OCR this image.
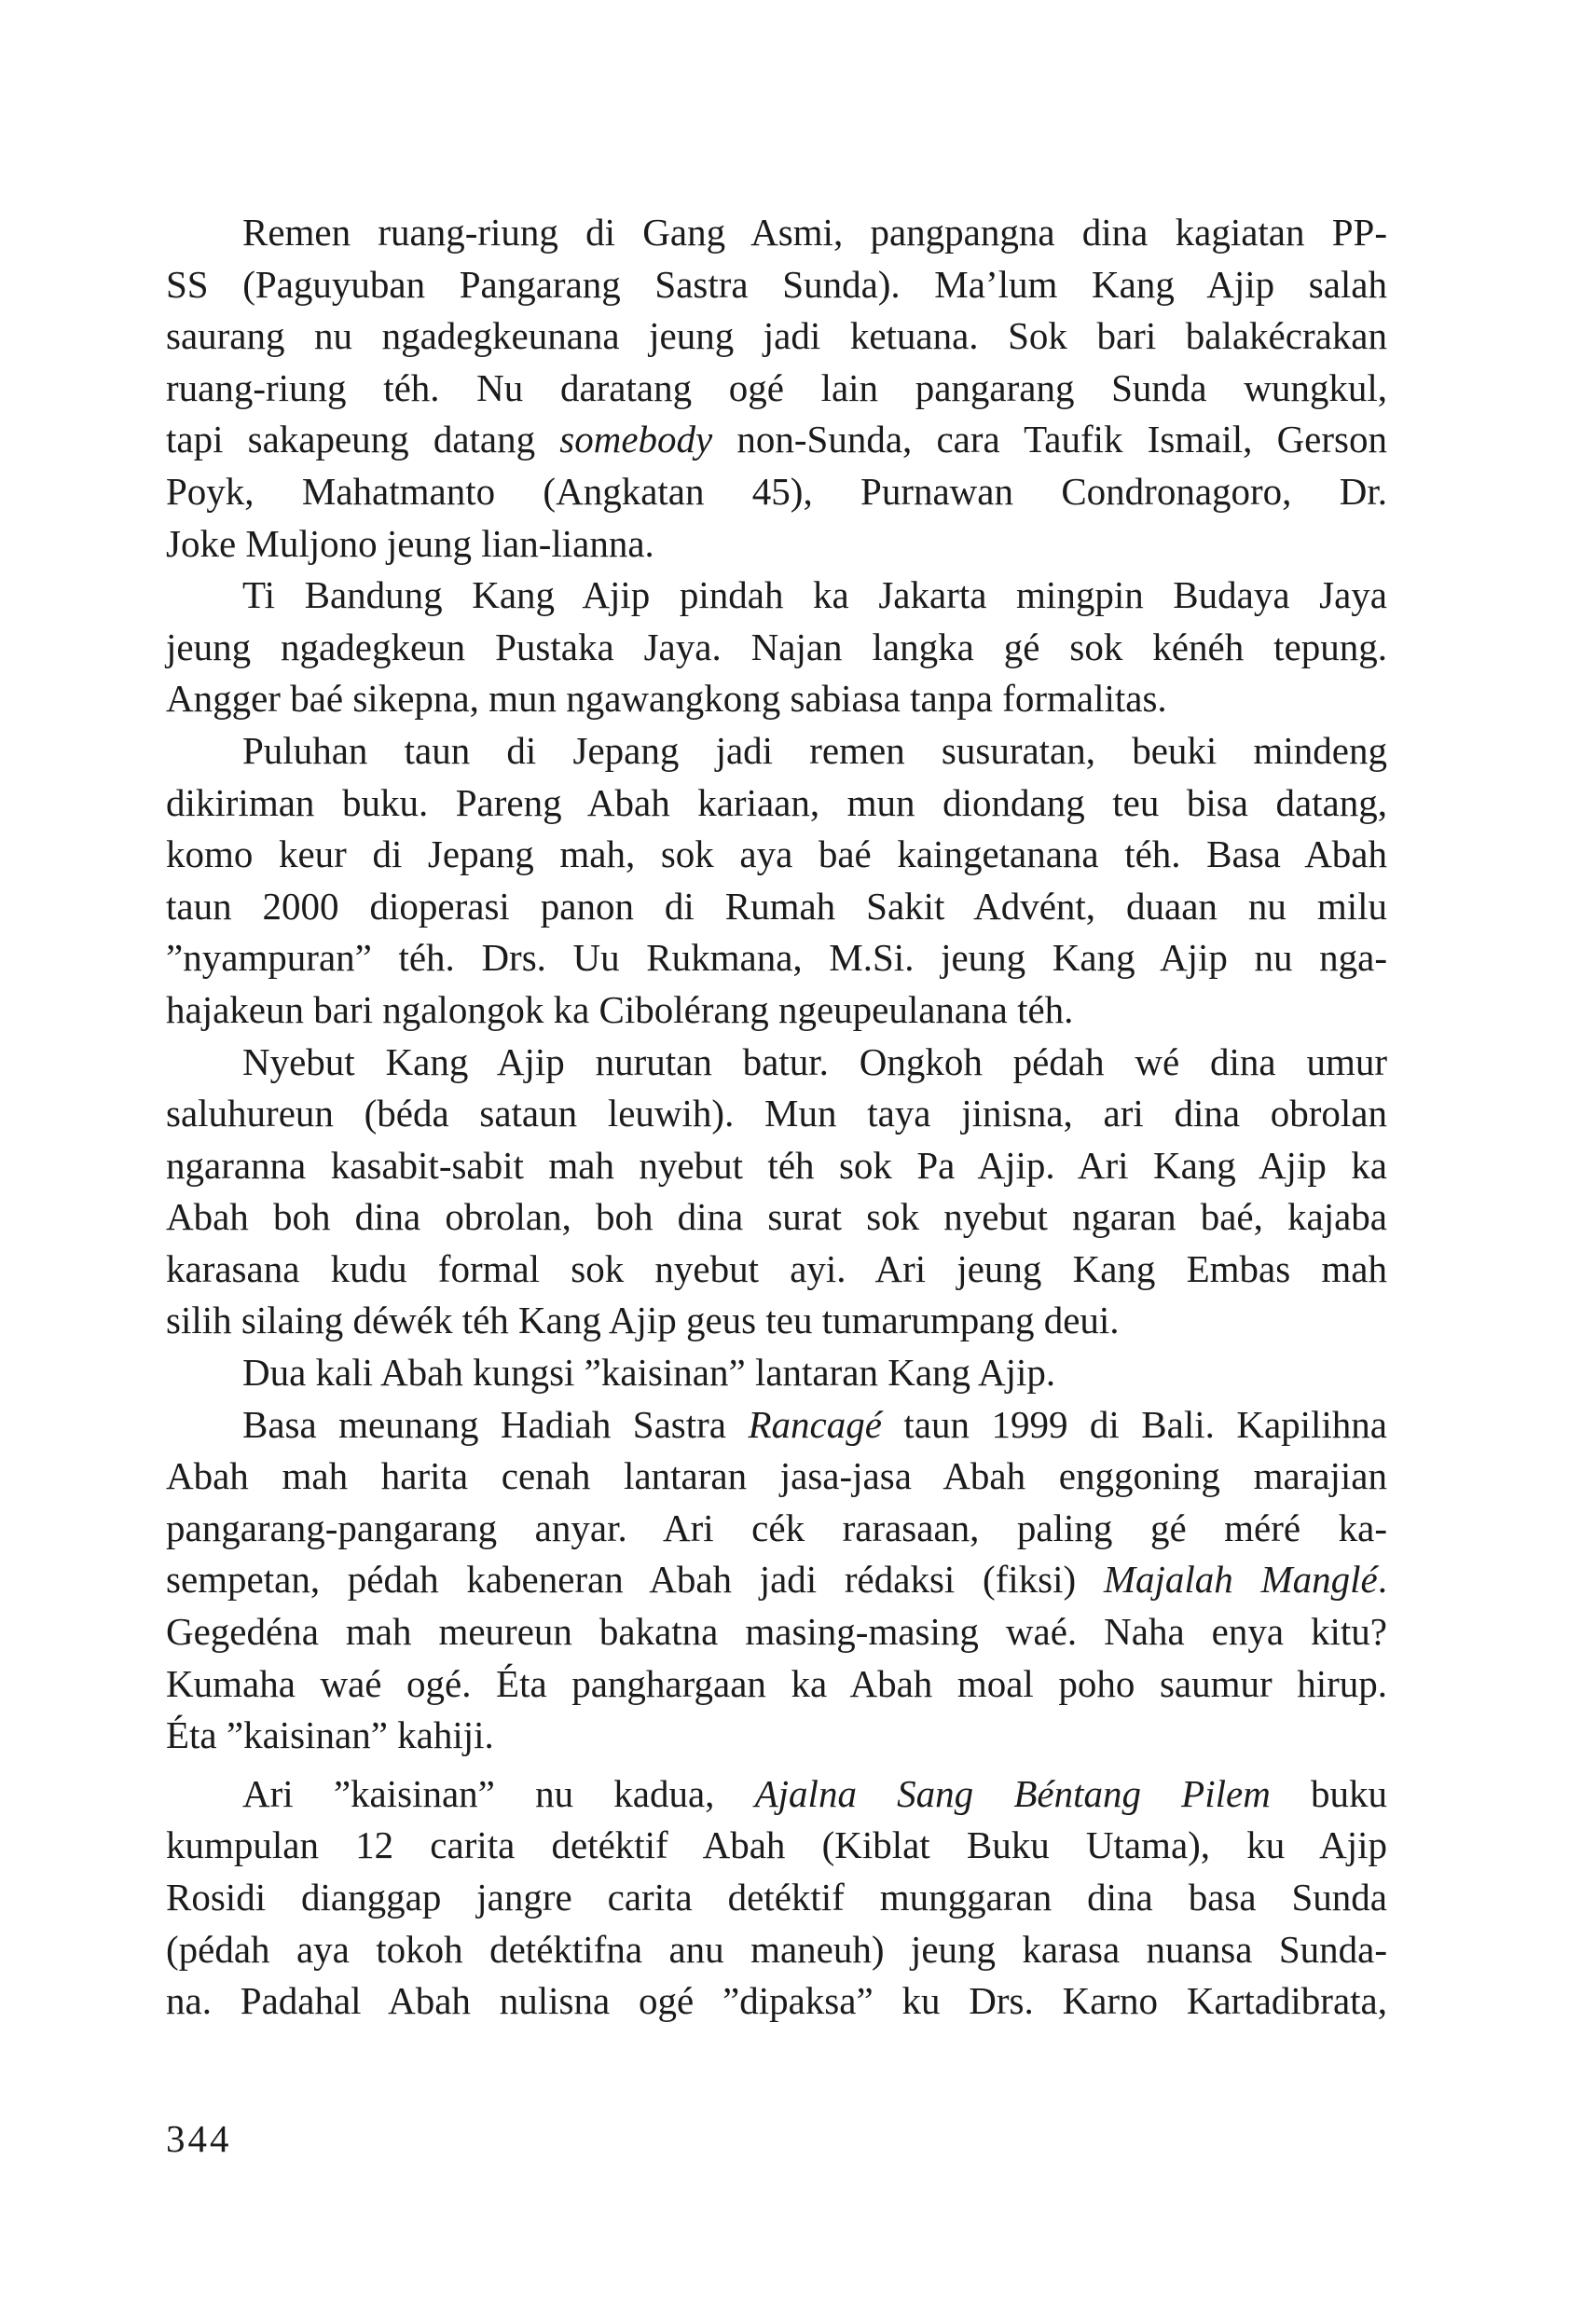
Remen ruang-riung di Gang Asmi, pangpangna dina kagiatan PP-
SS (Paguyuban Pangarang Sastra Sunda). Ma’lum Kang Ajip salah
saurang nu ngadegkeunana jeung jadi ketuana. Sok bari balakécrakan
ruang-riung téh. Nu daratang ogé lain pangarang Sunda wungkul,
tapi sakapeung datang somebody non-Sunda, cara Taufik Ismail, Gerson
Poyk, Mahatmanto (Angkatan 45), Purnawan Condronagoro, Dr.
Joke Muljono jeung lian-lianna.

Ti Bandung Kang Ajip pindah ka Jakarta mingpin Budaya Jaya
jeung ngadegkeun Pustaka Jaya. Najan langka gé sok kénéh tepung.
Angger baé sikepna, mun ngawangkong sabiasa tanpa formalitas.

Puluhan taun di Jepang jadi remen susuratan, beuki mindeng
dikiriman buku. Pareng Abah kariaan, mun diondang teu bisa datang,
komo keur di Jepang mah, sok aya baé kaingetanana téh. Basa Abah
taun 2000 dioperasi panon di Rumah Sakit Advént, duaan nu milu
”nyampuran” téh. Drs. Uu Rukmana, M.Si. jeung Kang Ajip nu nga-
hajakeun bari ngalongok ka Cibolérang ngeupeulanana téh.

Nyebut Kang Ajip nurutan batur. Ongkoh pédah wé dina umur
saluhureun (béda sataun leuwih). Mun taya jinisna, ari dina obrolan
ngaranna kasabit-sabit mah nyebut téh sok Pa Ajip. Ari Kang Ajip ka
Abah boh dina obrolan, boh dina surat sok nyebut ngaran baé, kajaba
karasana kudu formal sok nyebut ayi. Ari jeung Kang Embas mah
silih silaing déwék téh Kang Ajip geus teu tumarumpang deui.

Dua kali Abah kungsi ”kaisinan” lantaran Kang Ajip.

Basa meunang Hadiah Sastra Rancagé taun 1999 di Bali. Kapilihna
Abah mah harita cenah lantaran jasa-jasa Abah enggoning marajian
pangarang-pangarang anyar. Ari cék rarasaan, paling gé méré ka-
sempetan, pédah kabeneran Abah jadi rédaksi (fiksi) Majalah Manglé.
Gegedéna mah meureun bakatna masing-masing waé. Naha enya kitu?
Kumaha waé ogé. Éta panghargaan ka Abah moal poho saumur hirup.
Éta ”kaisinan” kahiji.

Ari ”kaisinan” nu kadua, Ajalna Sang Béntang Pilem buku
kumpulan 12 carita detéktif Abah (Kiblat Buku Utama), ku Ajip
Rosidi dianggap jangre carita detéktif munggaran dina basa Sunda
(pédah aya tokoh detéktifna anu maneuh) jeung karasa nuansa Sunda-
na. Padahal Abah nulisna ogé ”dipaksa” ku Drs. Karno Kartadibrata,

344
